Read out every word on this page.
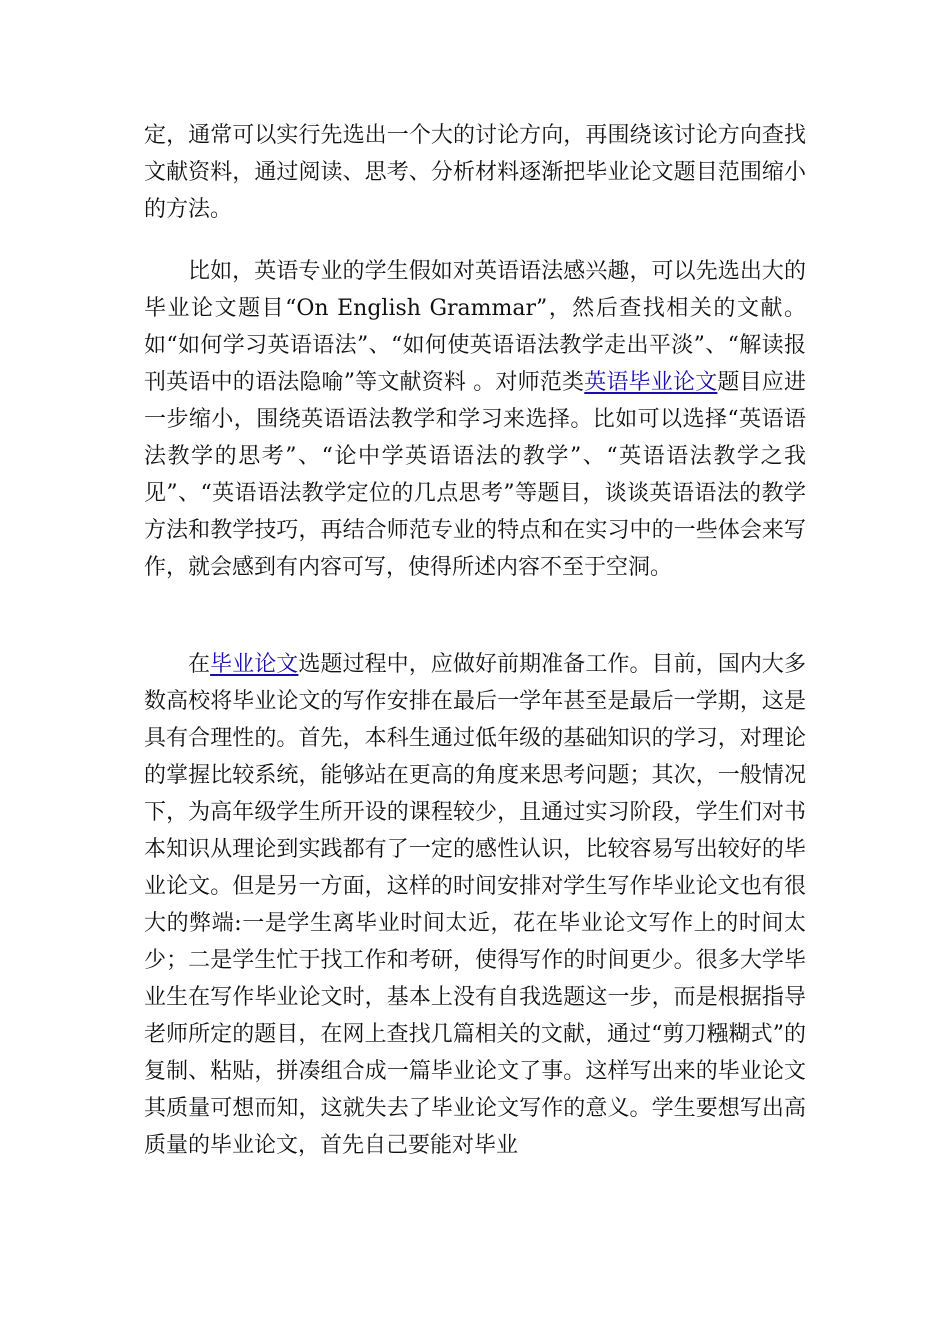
定，通常可以实行先选出一个大的讨论方向，再围绕该讨论方向查找文献资料，通过阅读、思考、分析材料逐渐把毕业论文题目范围缩小的方法。

比如，英语专业的学生假如对英语语法感兴趣，可以先选出大的毕业论文题目“On English Grammar”，然后查找相关的文献。如“如何学习英语语法”、“如何使英语语法教学走出平淡”、“解读报刊英语中的语法隐喻”等文献资料 。对师范类英语毕业论文题目应进一步缩小，围绕英语语法教学和学习来选择。比如可以选择“英语语法教学的思考”、“论中学英语语法的教学”、“英语语法教学之我见”、“英语语法教学定位的几点思考”等题目，谈谈英语语法的教学方法和教学技巧，再结合师范专业的特点和在实习中的一些体会来写作，就会感到有内容可写，使得所述内容不至于空洞。

在毕业论文选题过程中，应做好前期准备工作。目前，国内大多数高校将毕业论文的写作安排在最后一学年甚至是最后一学期，这是具有合理性的。首先，本科生通过低年级的基础知识的学习，对理论的掌握比较系统，能够站在更高的角度来思考问题；其次，一般情况下，为高年级学生所开设的课程较少，且通过实习阶段，学生们对书本知识从理论到实践都有了一定的感性认识，比较容易写出较好的毕业论文。但是另一方面，这样的时间安排对学生写作毕业论文也有很大的弊端:一是学生离毕业时间太近，花在毕业论文写作上的时间太少；二是学生忙于找工作和考研，使得写作的时间更少。很多大学毕业生在写作毕业论文时，基本上没有自我选题这一步，而是根据指导老师所定的题目，在网上查找几篇相关的文献，通过“剪刀糨糊式”的复制、粘贴，拼凑组合成一篇毕业论文了事。这样写出来的毕业论文其质量可想而知，这就失去了毕业论文写作的意义。学生要想写出高质量的毕业论文，首先自己要能对毕业
